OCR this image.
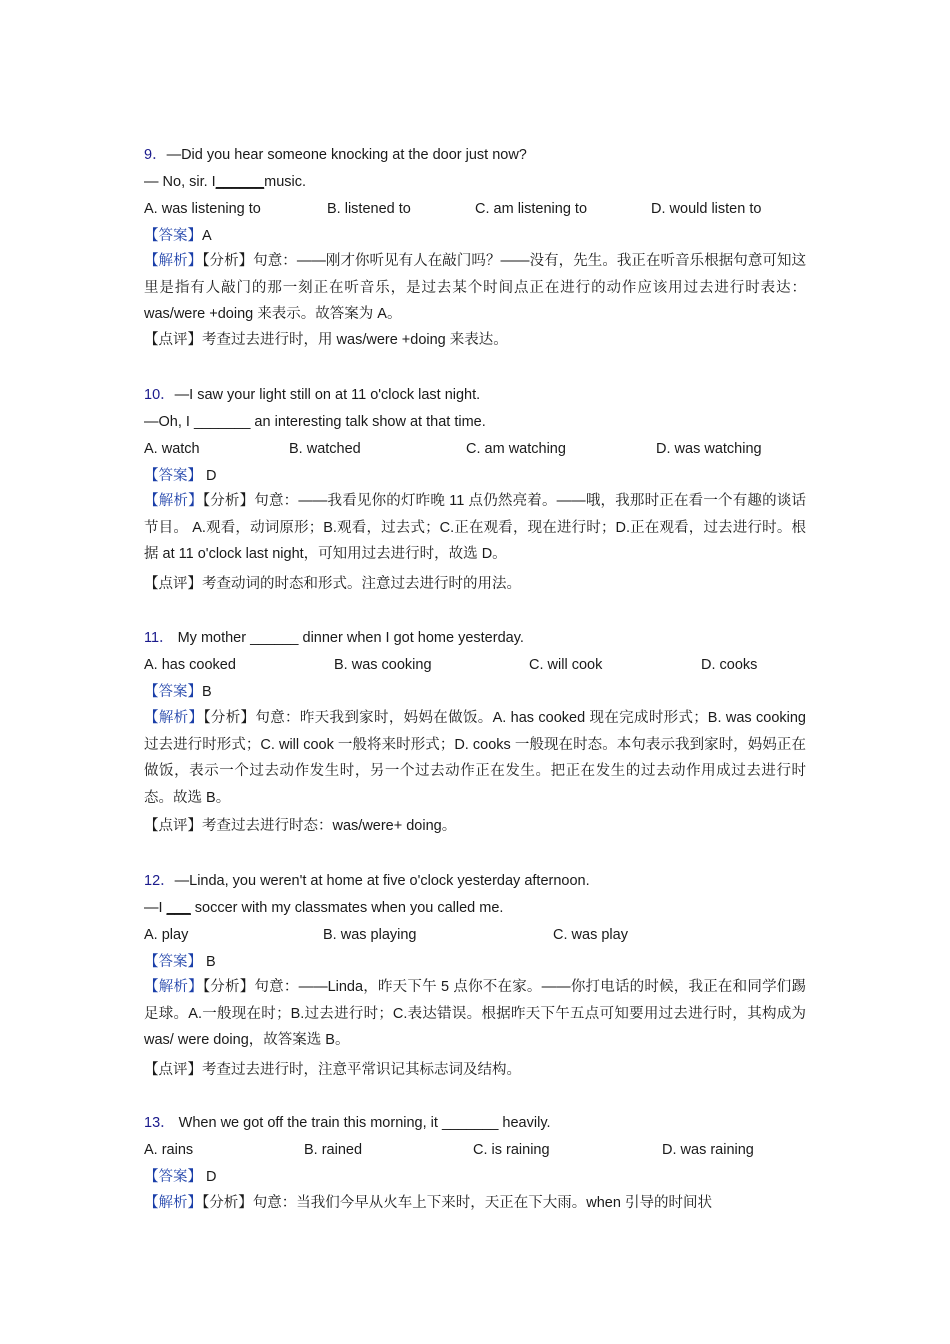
9．—Did you hear someone knocking at the door just now?
— No, sir. I______music.
A. was listening to	B. listened to	C. am listening to	D. would listen to
【答案】A
【解析】【分析】句意：——刚才你听见有人在敲门吗？——没有，先生。我正在听音乐根据句意可知这里是指有人敲门的那一刻正在听音乐，是过去某个时间点正在进行的动作应该用过去进行时表达：was/were +doing 来表示。故答案为 A。
【点评】考查过去进行时，用 was/were +doing 来表达。
10．—I saw your light still on at 11 o'clock last night.
—Oh, I _______ an interesting talk show at that time.
A. watch	B. watched	C. am watching	D. was watching
【答案】 D
【解析】【分析】句意：——我看见你的灯昨晚 11 点仍然亮着。——哦，我那时正在看一个有趣的谈话节目。 A.观看，动词原形；B.观看，过去式；C.正在观看，现在进行时；D.正在观看，过去进行时。根据 at 11 o'clock last night，可知用过去进行时，故选 D。
【点评】考查动词的时态和形式。注意过去进行时的用法。
11． My mother ______ dinner when I got home yesterday.
A. has cooked	B. was cooking	C. will cook	D. cooks
【答案】B
【解析】【分析】句意：昨天我到家时，妈妈在做饭。A. has cooked 现在完成时形式；B. was cooking 过去进行时形式；C. will cook 一般将来时形式；D. cooks 一般现在时态。本句表示我到家时，妈妈正在做饭，表示一个过去动作发生时，另一个过去动作正在发生。把正在发生的过去动作用成过去进行时态。故选 B。
【点评】考查过去进行时态：was/were+ doing。
12．—Linda, you weren't at home at five o'clock yesterday afternoon.
—I ___ soccer with my classmates when you called me.
A. play	B. was playing	C. was play
【答案】 B
【解析】【分析】句意：——Linda，昨天下午 5 点你不在家。——你打电话的时候，我正在和同学们踢足球。A.一般现在时；B.过去进行时；C.表达错误。根据昨天下午五点可知要用过去进行时，其构成为 was/ were doing，故答案选 B。
【点评】考查过去进行时，注意平常识记其标志词及结构。
13． When we got off the train this morning, it _______ heavily.
A. rains	B. rained	C. is raining	D. was raining
【答案】 D
【解析】【分析】句意：当我们今早从火车上下来时，天正在下大雨。when 引导的时间状
